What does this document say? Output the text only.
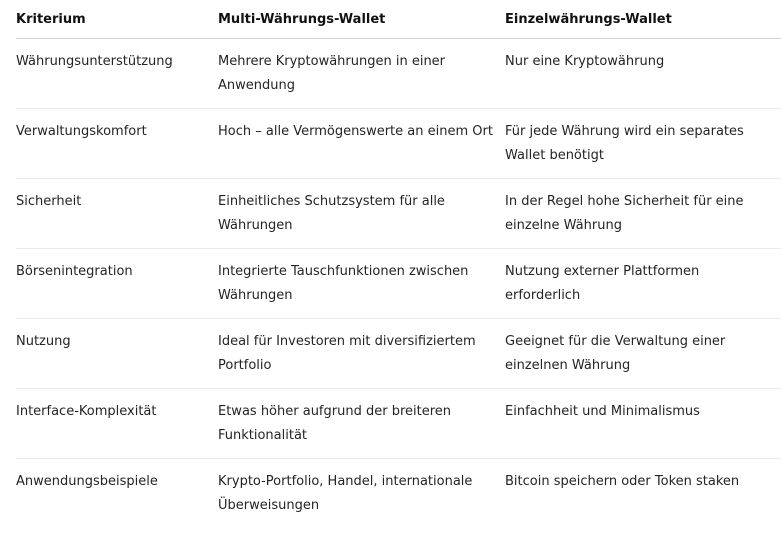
Kriterium	Multi-Währungs-Wallet	Einzelwährungs-Wallet
Währungsunterstützung	Mehrere Kryptowährungen in einer Anwendung	Nur eine Kryptowährung
Verwaltungskomfort	Hoch – alle Vermögenswerte an einem Ort	Für jede Währung wird ein separates Wallet benötigt
Sicherheit	Einheitliches Schutzsystem für alle Währungen	In der Regel hohe Sicherheit für eine einzelne Währung
Börsenintegration	Integrierte Tauschfunktionen zwischen Währungen	Nutzung externer Plattformen erforderlich
Nutzung	Ideal für Investoren mit diversifiziertem Portfolio	Geeignet für die Verwaltung einer einzelnen Währung
Interface-Komplexität	Etwas höher aufgrund der breiteren Funktionalität	Einfachheit und Minimalismus
Anwendungsbeispiele	Krypto-Portfolio, Handel, internationale Überweisungen	Bitcoin speichern oder Token staken
